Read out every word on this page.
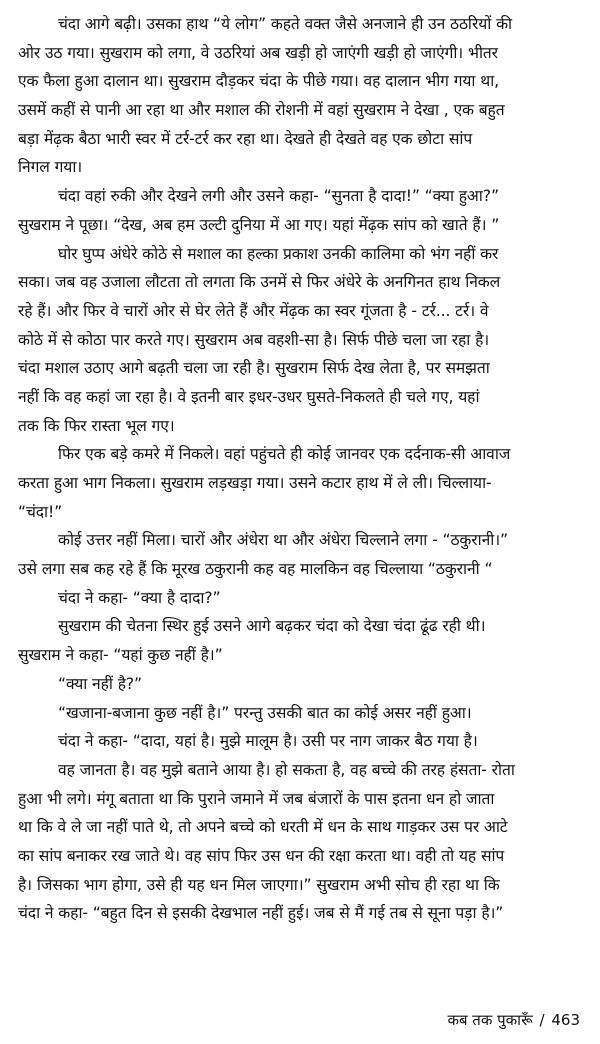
चंदा आगे बढ़ी। उसका हाथ “ये लोग” कहते वक्त जैसे अनजाने ही उन ठठरियों की
ओर उठ गया। सुखराम को लगा, वे उठरियां अब खड़ी हो जाएंगी खड़ी हो जाएंगी। भीतर
एक फैला हुआ दालान था। सुखराम दौड़कर चंदा के पीछे गया। वह दालान भीग गया था,
उसमें कहीं से पानी आ रहा था और मशाल की रोशनी में वहां सुखराम ने देखा , एक बहुत
बड़ा मेंढ़क बैठा भारी स्वर में टर्र-टर्र कर रहा था। देखते ही देखते वह एक छोटा सांप
निगल गया।
चंदा वहां रुकी और देखने लगी और उसने कहा- “सुनता है दादा!” “क्या हुआ?”
सुखराम ने पूछा। “देख, अब हम उल्टी दुनिया में आ गए। यहां मेंढ़क सांप को खाते हैं। ”
घोर घुप्प अंधेरे कोठे से मशाल का हल्का प्रकाश उनकी कालिमा को भंग नहीं कर
सका। जब वह उजाला लौटता तो लगता कि उनमें से फिर अंधेरे के अनगिनत हाथ निकल
रहे हैं। और फिर वे चारों ओर से घेर लेते हैं और मेंढ़क का स्वर गूंजता है - टर्र... टर्र। वे
कोठे में से कोठा पार करते गए। सुखराम अब वहशी-सा है। सिर्फ पीछे चला जा रहा है।
चंदा मशाल उठाए आगे बढ़ती चला जा रही है। सुखराम सिर्फ देख लेता है, पर समझता
नहीं कि वह कहां जा रहा है। वे इतनी बार इधर-उधर घुसते-निकलते ही चले गए, यहां
तक कि फिर रास्ता भूल गए।
फिर एक बड़े कमरे में निकले। वहां पहुंचते ही कोई जानवर एक दर्दनाक-सी आवाज
करता हुआ भाग निकला। सुखराम लड़खड़ा गया। उसने कटार हाथ में ले ली। चिल्लाया-
“चंदा!”
कोई उत्तर नहीं मिला। चारों और अंधेरा था और अंधेरा चिल्लाने लगा - “ठकुरानी।”
उसे लगा सब कह रहे हैं कि मूरख ठकुरानी कह वह मालकिन वह चिल्लाया “ठकुरानी “
चंदा ने कहा- “क्या है दादा?”
सुखराम की चेतना स्थिर हुई उसने आगे बढ़कर चंदा को देखा चंदा ढूंढ रही थी।
सुखराम ने कहा- “यहां कुछ नहीं है।”
“क्या नहीं है?”
“खजाना-बजाना कुछ नहीं है।” परन्तु उसकी बात का कोई असर नहीं हुआ।
चंदा ने कहा- “दादा, यहां है। मुझे मालूम है। उसी पर नाग जाकर बैठ गया है।
वह जानता है। वह मुझे बताने आया है। हो सकता है, वह बच्चे की तरह हंसता- रोता
हुआ भी लगे। मंगू बताता था कि पुराने जमाने में जब बंजारों के पास इतना धन हो जाता
था कि वे ले जा नहीं पाते थे, तो अपने बच्चे को धरती में धन के साथ गाड़कर उस पर आटे
का सांप बनाकर रख जाते थे। वह सांप फिर उस धन की रक्षा करता था। वही तो यह सांप
है। जिसका भाग होगा, उसे ही यह धन मिल जाएगा।” सुखराम अभी सोच ही रहा था कि
चंदा ने कहा- “बहुत दिन से इसकी देखभाल नहीं हुई। जब से मैं गई तब से सूना पड़ा है।”
कब तक पुकारूँ / 463
